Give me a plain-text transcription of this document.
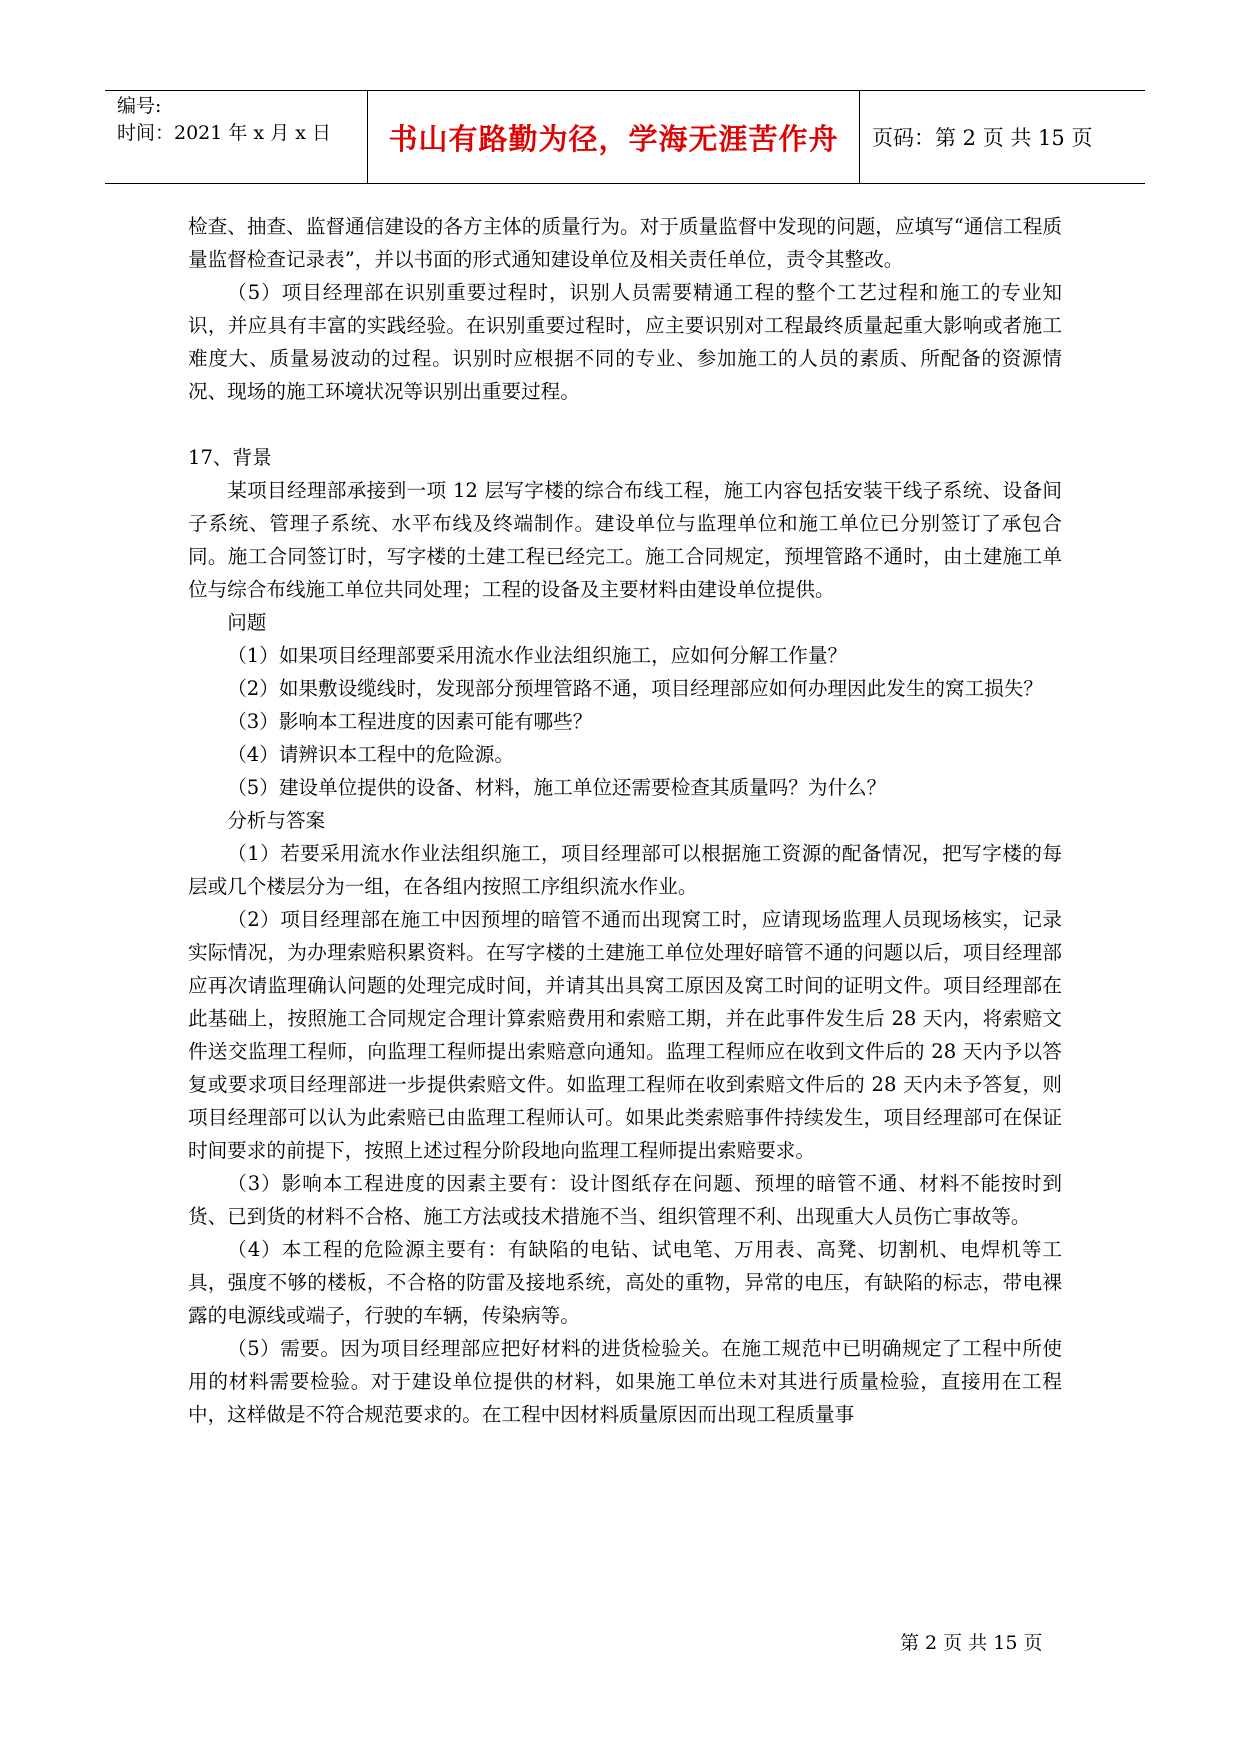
编号:
时间：2021 年 x 月 x 日	书山有路勤为径，学海无涯苦作舟 页码：第 2 页 共 15 页

检查、抽查、监督通信建设的各方主体的质量行为。对于质量监督中发现的问题，应填写“通信工程质量监督检查记录表”，并以书面的形式通知建设单位及相关责任单位，责令其整改。

（5）项目经理部在识别重要过程时，识别人员需要精通工程的整个工艺过程和施工的专业知识，并应具有丰富的实践经验。在识别重要过程时，应主要识别对工程最终质量起重大影响或者施工难度大、质量易波动的过程。识别时应根据不同的专业、参加施工的人员的素质、所配备的资源情况、现场的施工环境状况等识别出重要过程。

17、背景

某项目经理部承接到一项 12 层写字楼的综合布线工程，施工内容包括安装干线子系统、设备间子系统、管理子系统、水平布线及终端制作。建设单位与监理单位和施工单位已分别签订了承包合同。施工合同签订时，写字楼的土建工程已经完工。施工合同规定，预埋管路不通时，由土建施工单位与综合布线施工单位共同处理；工程的设备及主要材料由建设单位提供。

问题

（1）如果项目经理部要采用流水作业法组织施工，应如何分解工作量？

（2）如果敷设缆线时，发现部分预埋管路不通，项目经理部应如何办理因此发生的窝工损失？

（3）影响本工程进度的因素可能有哪些？

（4）请辨识本工程中的危险源。

（5）建设单位提供的设备、材料，施工单位还需要检查其质量吗？为什么？

分析与答案

（1）若要采用流水作业法组织施工，项目经理部可以根据施工资源的配备情况，把写字楼的每层或几个楼层分为一组，在各组内按照工序组织流水作业。

（2）项目经理部在施工中因预埋的暗管不通而出现窝工时，应请现场监理人员现场核实，记录实际情况，为办理索赔积累资料。在写字楼的土建施工单位处理好暗管不通的问题以后，项目经理部应再次请监理确认问题的处理完成时间，并请其出具窝工原因及窝工时间的证明文件。项目经理部在此基础上，按照施工合同规定合理计算索赔费用和索赔工期，并在此事件发生后 28 天内，将索赔文件送交监理工程师，向监理工程师提出索赔意向通知。监理工程师应在收到文件后的 28 天内予以答复或要求项目经理部进一步提供索赔文件。如监理工程师在收到索赔文件后的 28 天内未予答复，则项目经理部可以认为此索赔已由监理工程师认可。如果此类索赔事件持续发生，项目经理部可在保证时间要求的前提下，按照上述过程分阶段地向监理工程师提出索赔要求。

（3）影响本工程进度的因素主要有：设计图纸存在问题、预埋的暗管不通、材料不能按时到货、已到货的材料不合格、施工方法或技术措施不当、组织管理不利、出现重大人员伤亡事故等。

（4）本工程的危险源主要有：有缺陷的电钻、试电笔、万用表、高凳、切割机、电焊机等工具，强度不够的楼板，不合格的防雷及接地系统，高处的重物，异常的电压，有缺陷的标志，带电裸露的电源线或端子，行驶的车辆，传染病等。

（5）需要。因为项目经理部应把好材料的进货检验关。在施工规范中已明确规定了工程中所使用的材料需要检验。对于建设单位提供的材料，如果施工单位未对其进行质量检验，直接用在工程中，这样做是不符合规范要求的。在工程中因材料质量原因而出现工程质量事

第 2 页 共 15 页
